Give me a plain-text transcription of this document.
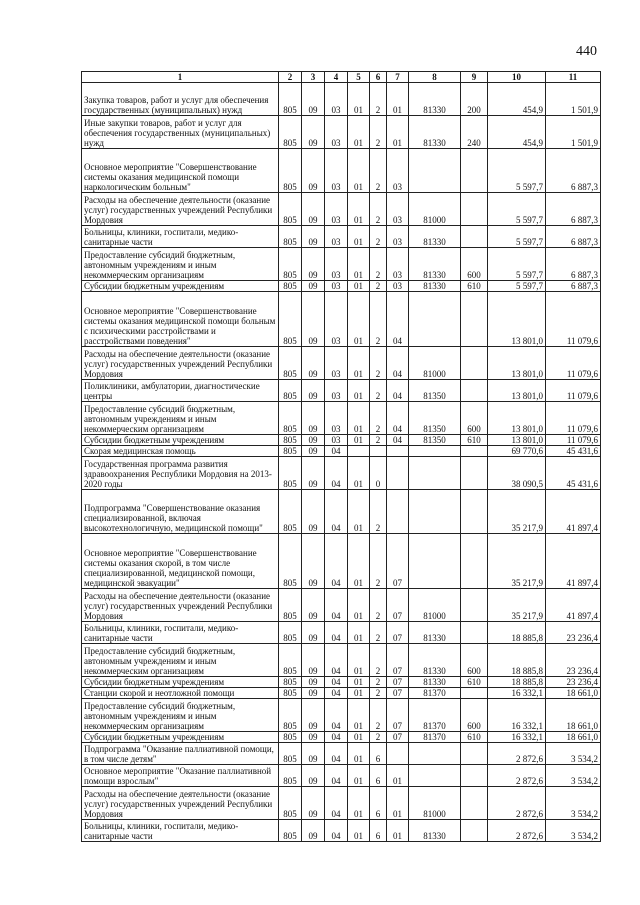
440
1	2	3	4	5	6	7	8	9	10	11
Закупка товаров, работ и услуг для обеспечения государственных (муниципальных) нужд	805	09	03	01	2	01	81330	200	454,9	1 501,9
Иные закупки товаров, работ и услуг для обеспечения государственных (муниципальных) нужд	805	09	03	01	2	01	81330	240	454,9	1 501,9
Основное мероприятие "Совершенствование системы оказания медицинской помощи наркологическим больным"	805	09	03	01	2	03			5 597,7	6 887,3
Расходы на обеспечение деятельности (оказание услуг) государственных учреждений Республики Мордовия	805	09	03	01	2	03	81000		5 597,7	6 887,3
Больницы, клиники, госпитали, медико-санитарные части	805	09	03	01	2	03	81330		5 597,7	6 887,3
Предоставление субсидий бюджетным, автономным учреждениям и иным некоммерческим организациям	805	09	03	01	2	03	81330	600	5 597,7	6 887,3
Субсидии бюджетным учреждениям	805	09	03	01	2	03	81330	610	5 597,7	6 887,3
Основное мероприятие "Совершенствование системы оказания медицинской помощи больным с психическими расстройствами и расстройствами поведения"	805	09	03	01	2	04			13 801,0	11 079,6
Расходы на обеспечение деятельности (оказание услуг) государственных учреждений Республики Мордовия	805	09	03	01	2	04	81000		13 801,0	11 079,6
Поликлиники, амбулатории, диагностические центры	805	09	03	01	2	04	81350		13 801,0	11 079,6
Предоставление субсидий бюджетным, автономным учреждениям и иным некоммерческим организациям	805	09	03	01	2	04	81350	600	13 801,0	11 079,6
Субсидии бюджетным учреждениям	805	09	03	01	2	04	81350	610	13 801,0	11 079,6
Скорая медицинская помощь	805	09	04						69 770,6	45 431,6
Государственная программа развития здравоохранения Республики Мордовия на 2013-2020 годы	805	09	04	01	0				38 090,5	45 431,6
Подпрограмма "Совершенствование оказания специализированной, включая высокотехнологичную, медицинской помощи"	805	09	04	01	2				35 217,9	41 897,4
Основное мероприятие "Совершенствование системы оказания скорой, в том числе специализированной, медицинской помощи, медицинской эвакуации"	805	09	04	01	2	07			35 217,9	41 897,4
Расходы на обеспечение деятельности (оказание услуг) государственных учреждений Республики Мордовия	805	09	04	01	2	07	81000		35 217,9	41 897,4
Больницы, клиники, госпитали, медико-санитарные части	805	09	04	01	2	07	81330		18 885,8	23 236,4
Предоставление субсидий бюджетным, автономным учреждениям и иным некоммерческим организациям	805	09	04	01	2	07	81330	600	18 885,8	23 236,4
Субсидии бюджетным учреждениям	805	09	04	01	2	07	81330	610	18 885,8	23 236,4
Станции скорой и неотложной помощи	805	09	04	01	2	07	81370		16 332,1	18 661,0
Предоставление субсидий бюджетным, автономным учреждениям и иным некоммерческим организациям	805	09	04	01	2	07	81370	600	16 332,1	18 661,0
Субсидии бюджетным учреждениям	805	09	04	01	2	07	81370	610	16 332,1	18 661,0
Подпрограмма "Оказание паллиативной помощи, в том числе детям"	805	09	04	01	6				2 872,6	3 534,2
Основное мероприятие "Оказание паллиативной помощи взрослым"	805	09	04	01	6	01			2 872,6	3 534,2
Расходы на обеспечение деятельности (оказание услуг) государственных учреждений Республики Мордовия	805	09	04	01	6	01	81000		2 872,6	3 534,2
Больницы, клиники, госпитали, медико-санитарные части	805	09	04	01	6	01	81330		2 872,6	3 534,2
